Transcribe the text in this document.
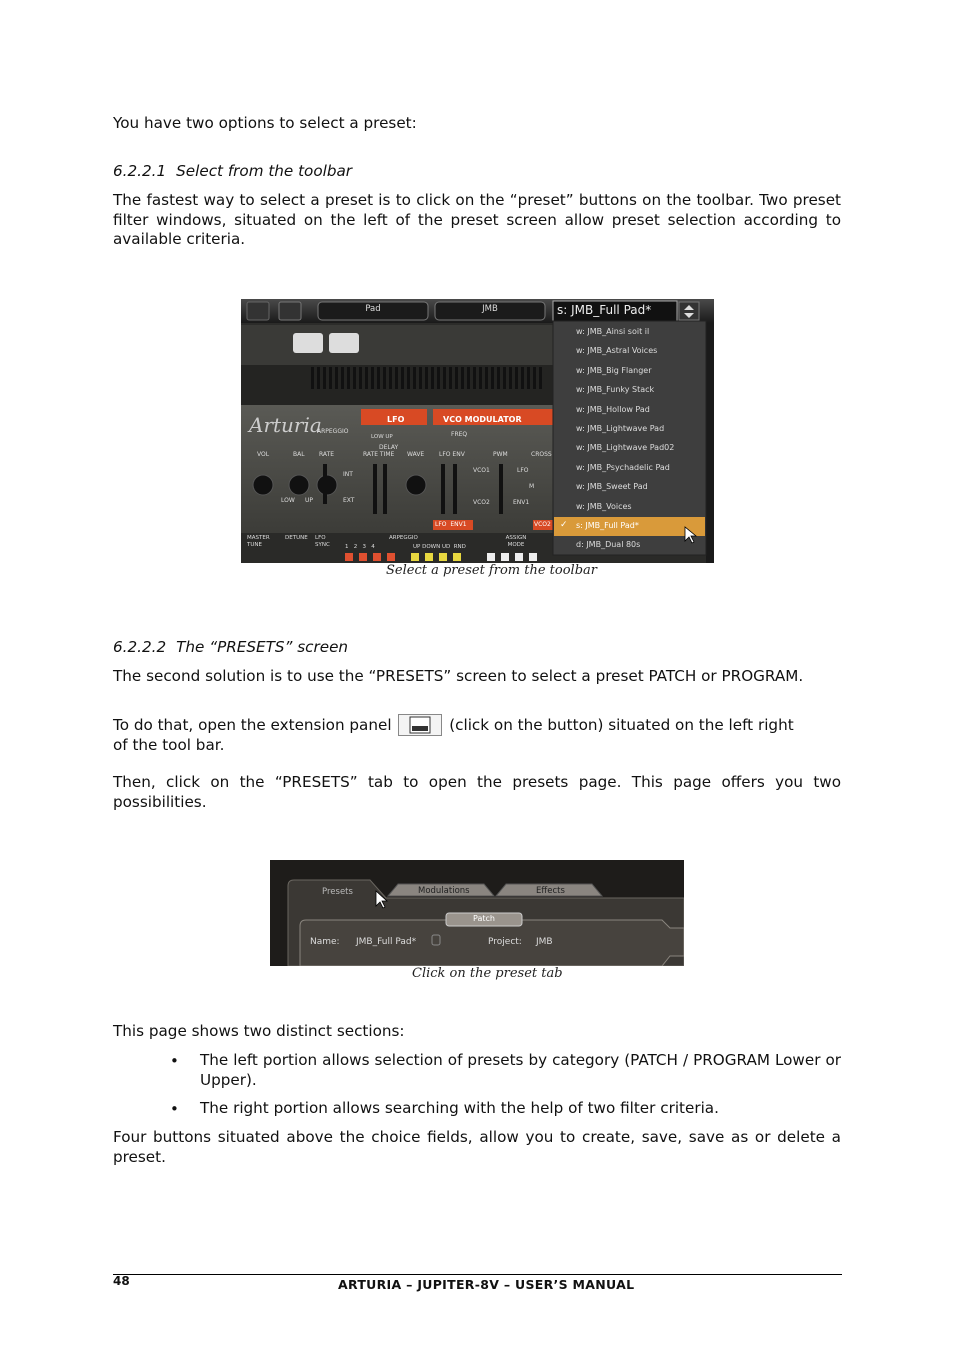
You have two options to select a preset:
6.2.2.1 Select from the toolbar
The fastest way to select a preset is to click on the “preset” buttons on the toolbar. Two preset filter windows, situated on the left of the preset screen allow preset selection according to available criteria.
Pad	JMB	s: JMB_Full Pad*
w: JMB_Ainsi soit il
w: JMB_Astral Voices
w: JMB_Big Flanger
w: JMB_Funky Stack
w: JMB_Hollow Pad
w: JMB_Lightwave Pad
w: JMB_Lightwave Pad02
w: JMB_Psychadelic Pad
w: JMB_Sweet Pad
w: JMB_Voices
✓ s: JMB_Full Pad*
d: JMB_Dual 80s
Arturia
ARPEGGIO
LFO	VCO MODULATOR
FREQ
LOW UP
DELAY
RATE TIME WAVE LFO ENV	PWM	CROSS
VCO1
VCO2
LFO
M
ENV1
LFO  ENV1	VCO2
VOL	BAL RATE
LOW UP
INT
EXT
MASTER TUNE
DETUNE LFO SYNC
ARPEGGIO
1   2   3   4	UP DOWN UD  RND
ASSIGN MODE
Select a preset from the toolbar
6.2.2.2 The “PRESETS” screen
The second solution is to use the “PRESETS” screen to select a preset PATCH or PROGRAM.
To do that, open the extension panel	(click on the button) situated on the left right
of the tool bar.
Then, click on the “PRESETS” tab to open the presets page. This page offers you two possibilities.
Presets	Modulations	Effects
Patch
Name: JMB_Full Pad*	Project: JMB
Click on the preset tab
This page shows two distinct sections:
• The left portion allows selection of presets by category (PATCH / PROGRAM Lower or Upper).
• The right portion allows searching with the help of two filter criteria.
Four buttons situated above the choice fields, allow you to create, save, save as or delete a preset.
48	ARTURIA – JUPITER-8V – USER’S MANUAL
